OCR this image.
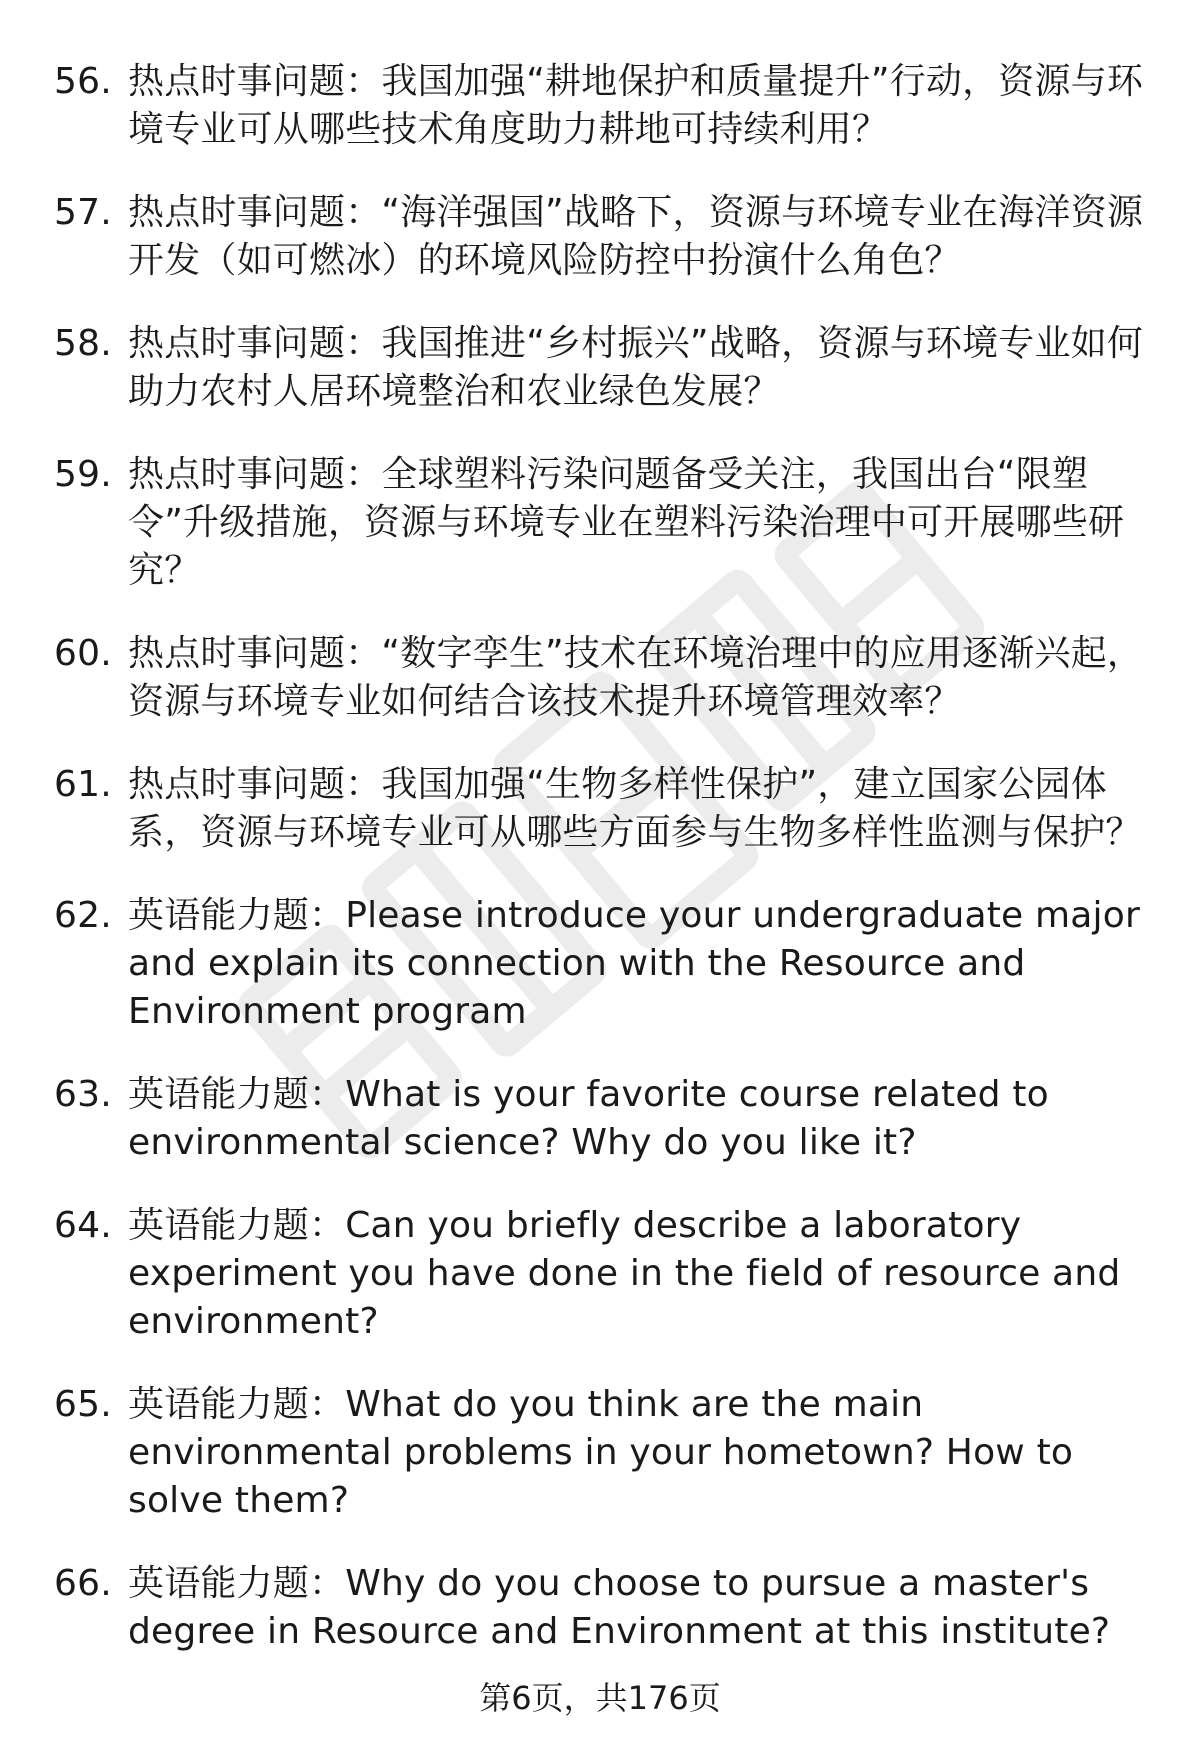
56. 热点时事问题：我国加强“耕地保护和质量提升”行动，资源与环境专业可从哪些技术角度助力耕地可持续利用？
57. 热点时事问题：“海洋强国”战略下，资源与环境专业在海洋资源开发（如可燃冰）的环境风险防控中扮演什么角色？
58. 热点时事问题：我国推进“乡村振兴”战略，资源与环境专业如何助力农村人居环境整治和农业绿色发展？
59. 热点时事问题：全球塑料污染问题备受关注，我国出台“限塑令”升级措施，资源与环境专业在塑料污染治理中可开展哪些研究？
60. 热点时事问题：“数字孪生”技术在环境治理中的应用逐渐兴起，资源与环境专业如何结合该技术提升环境管理效率？
61. 热点时事问题：我国加强“生物多样性保护”，建立国家公园体系，资源与环境专业可从哪些方面参与生物多样性监测与保护？
62. 英语能力题：Please introduce your undergraduate major and explain its connection with the Resource and Environment program
63. 英语能力题：What is your favorite course related to environmental science? Why do you like it?
64. 英语能力题：Can you briefly describe a laboratory experiment you have done in the field of resource and environment?
65. 英语能力题：What do you think are the main environmental problems in your hometown? How to solve them?
66. 英语能力题：Why do you choose to pursue a master's degree in Resource and Environment at this institute?
第6页，共176页
